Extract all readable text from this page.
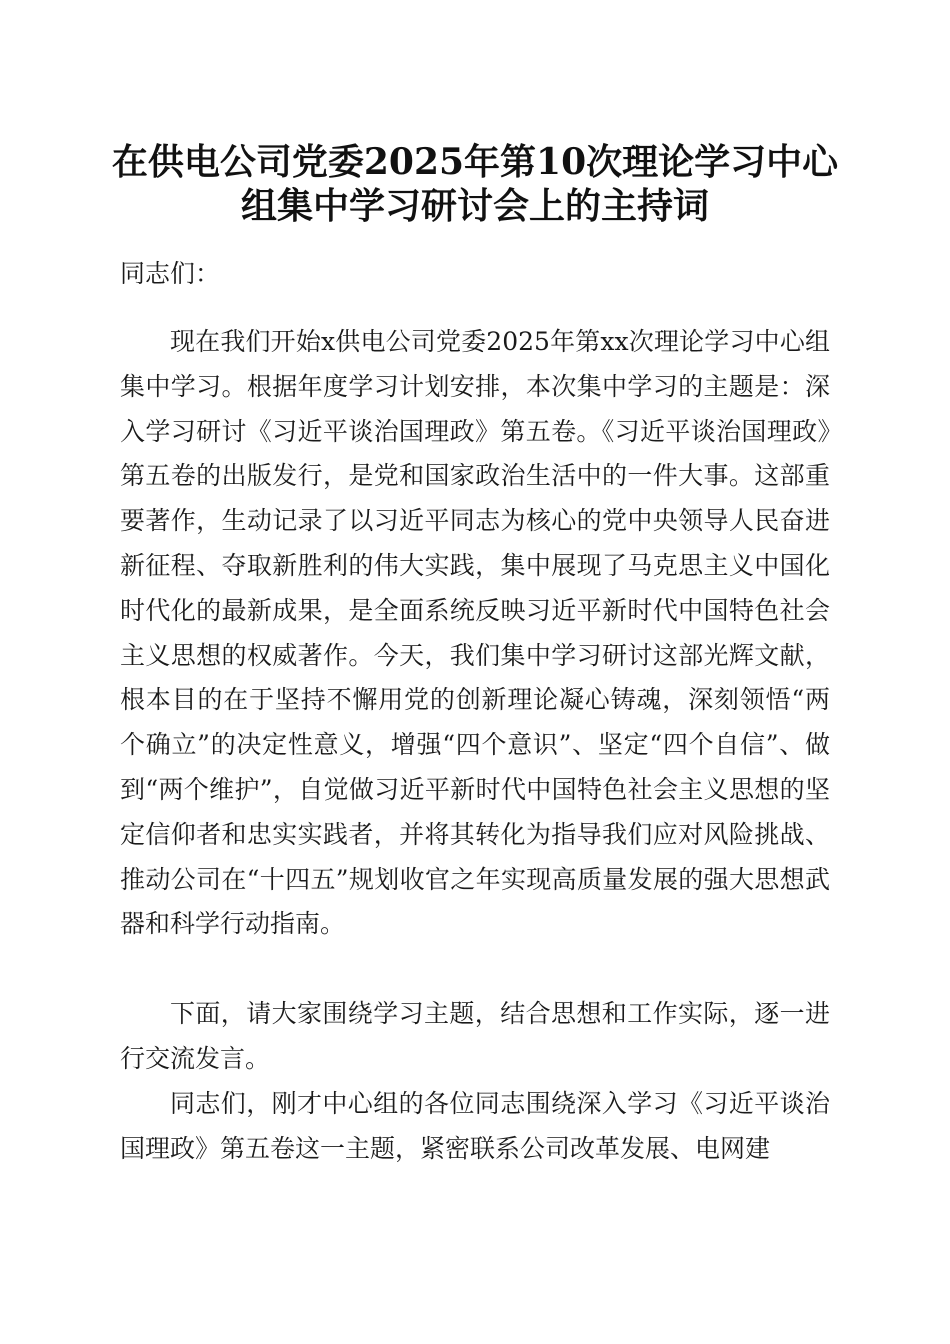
在供电公司党委2025年第10次理论学习中心
组集中学习研讨会上的主持词
同志们：

现在我们开始x供电公司党委2025年第xx次理论学习中心组集中学习。根据年度学习计划安排，本次集中学习的主题是：深入学习研讨《习近平谈治国理政》第五卷。《习近平谈治国理政》第五卷的出版发行，是党和国家政治生活中的一件大事。这部重要著作，生动记录了以习近平同志为核心的党中央领导人民奋进新征程、夺取新胜利的伟大实践，集中展现了马克思主义中国化时代化的最新成果，是全面系统反映习近平新时代中国特色社会主义思想的权威著作。今天，我们集中学习研讨这部光辉文献，根本目的在于坚持不懈用党的创新理论凝心铸魂，深刻领悟“两个确立”的决定性意义，增强“四个意识”、坚定“四个自信”、做到“两个维护”，自觉做习近平新时代中国特色社会主义思想的坚定信仰者和忠实实践者，并将其转化为指导我们应对风险挑战、推动公司在“十四五”规划收官之年实现高质量发展的强大思想武器和科学行动指南。

下面，请大家围绕学习主题，结合思想和工作实际，逐一进行交流发言。

同志们，刚才中心组的各位同志围绕深入学习《习近平谈治国理政》第五卷这一主题，紧密联系公司改革发展、电网建
